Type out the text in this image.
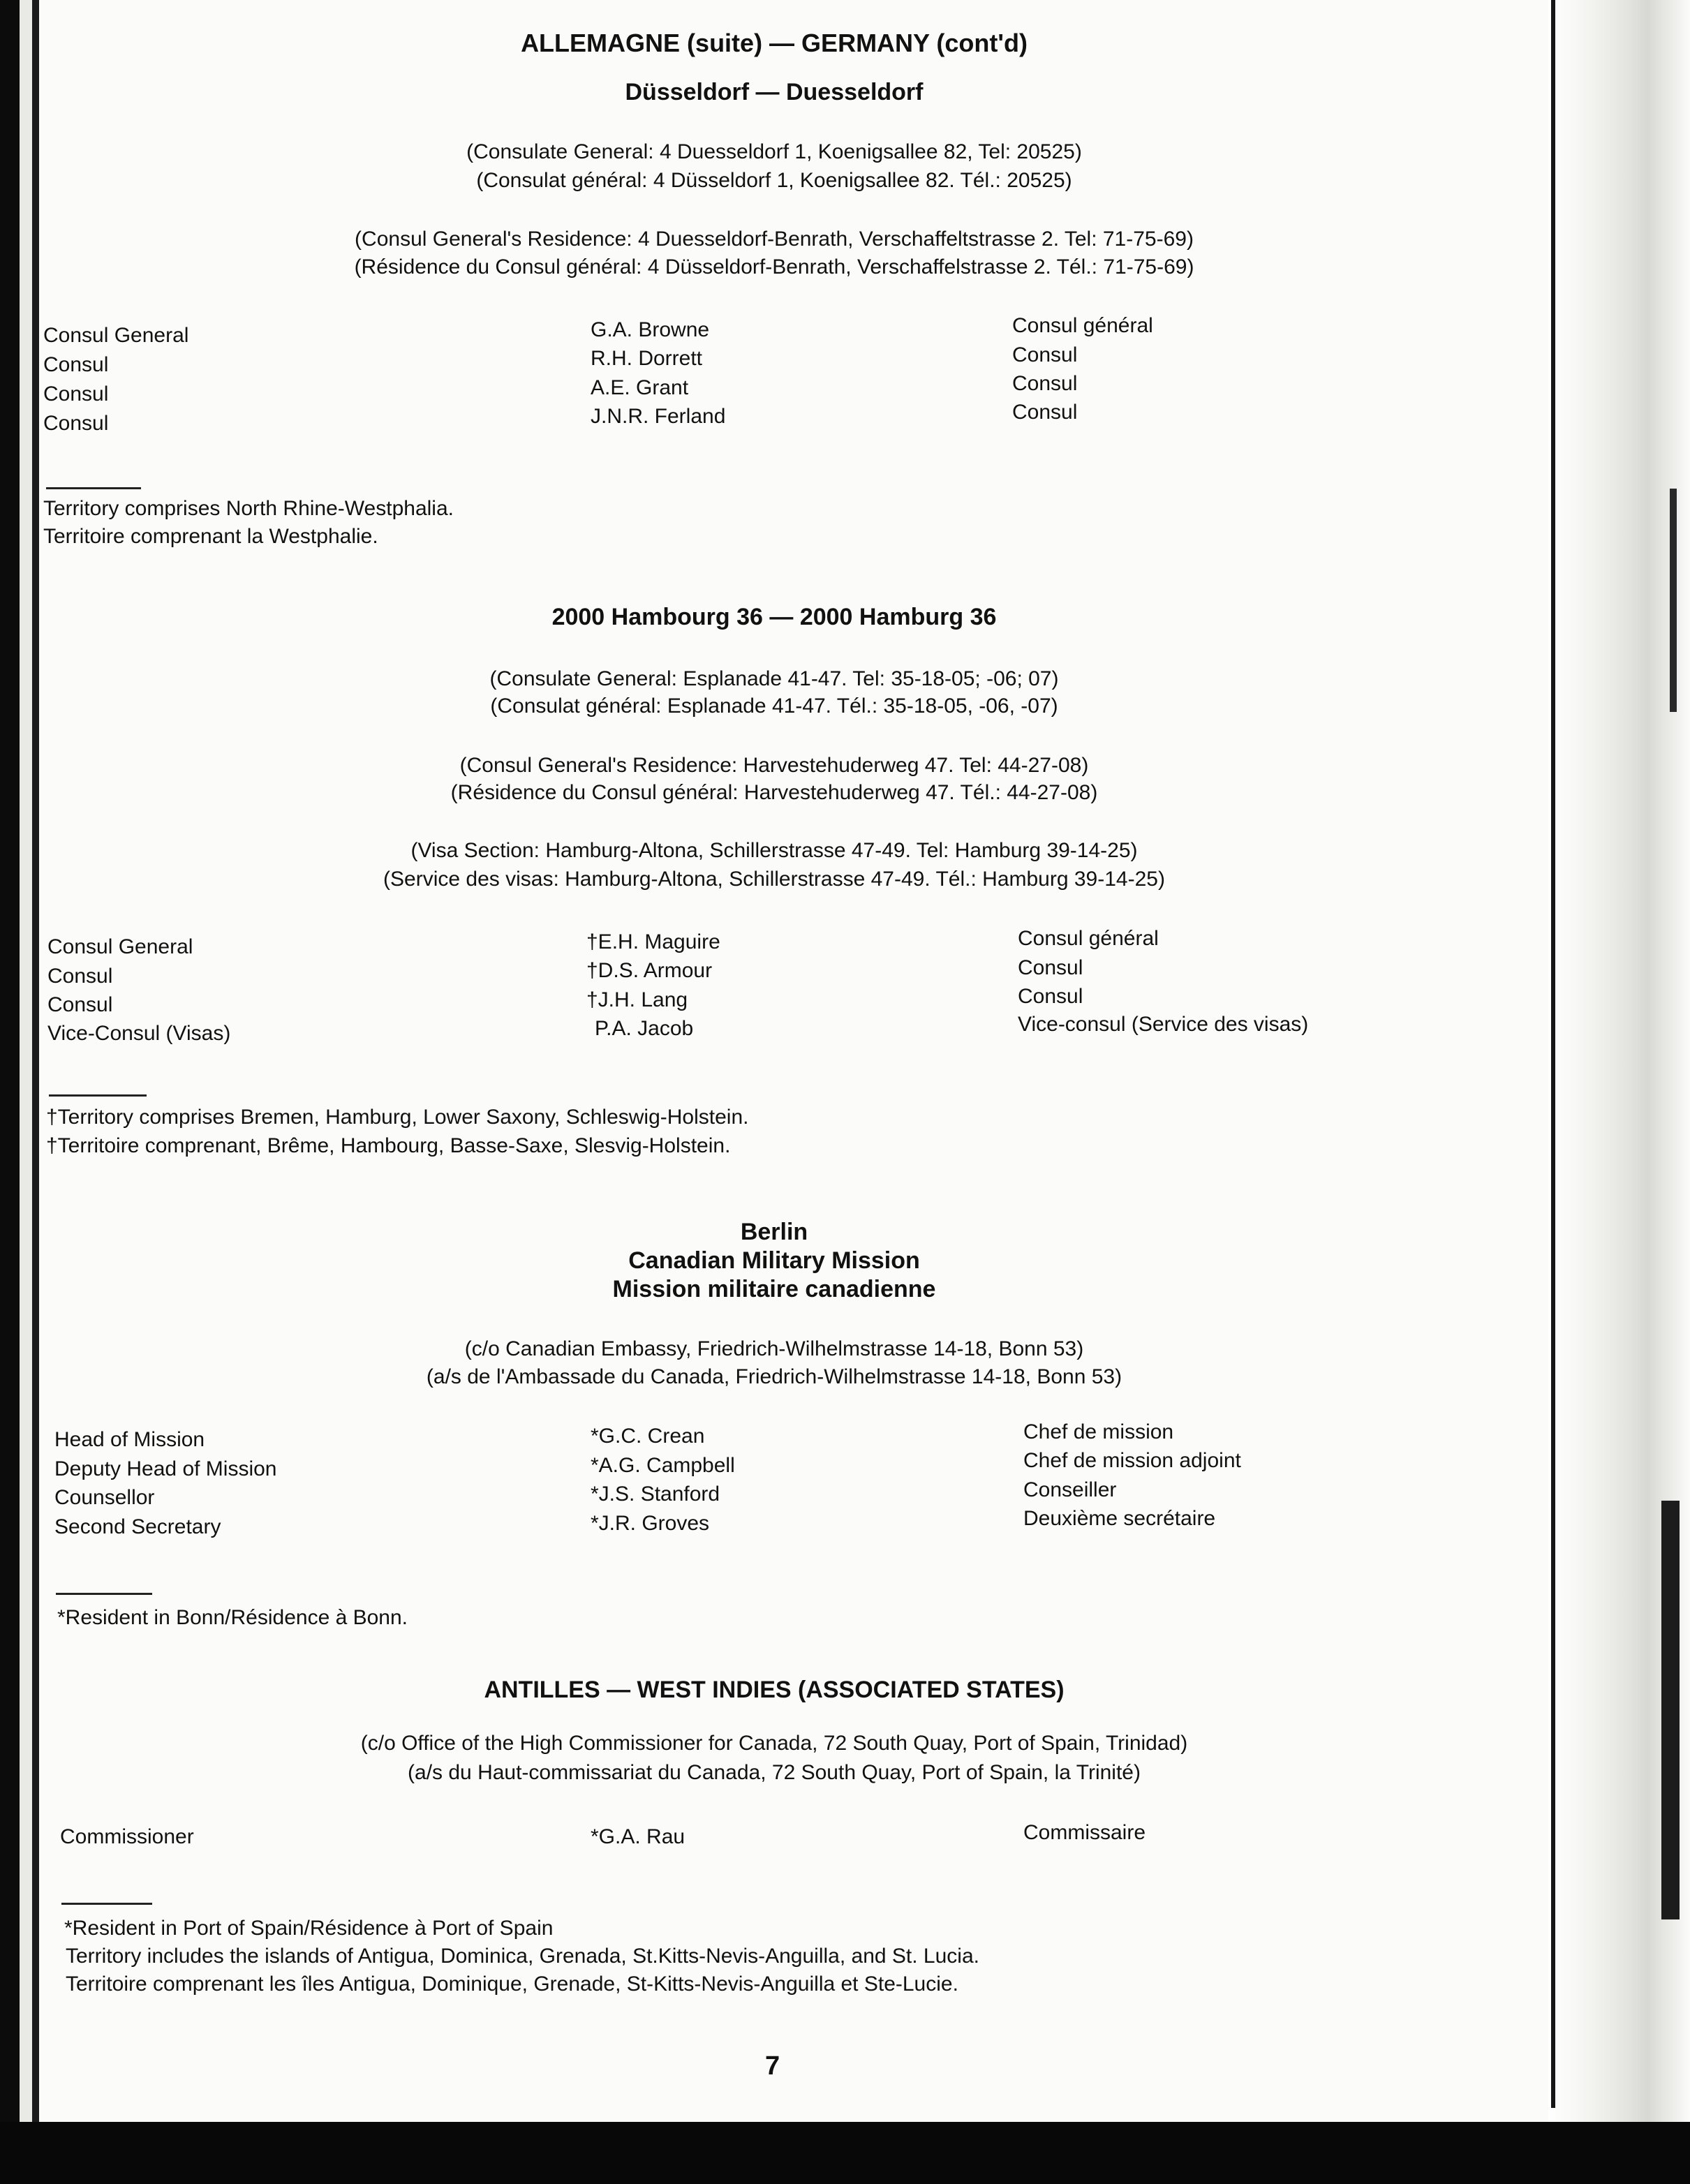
ALLEMAGNE (suite) — GERMANY (cont'd)
Düsseldorf — Duesseldorf
(Consulate General: 4 Duesseldorf 1, Koenigsallee 82, Tel: 20525)
(Consulat général: 4 Düsseldorf 1, Koenigsallee 82. Tél.: 20525)
(Consul General's Residence: 4 Duesseldorf-Benrath, Verschaffeltstrasse 2. Tel: 71-75-69)
(Résidence du Consul général: 4 Düsseldorf-Benrath, Verschaffelstrasse 2. Tél.: 71-75-69)
Consul General	G.A. Browne	Consul général
Consul	R.H. Dorrett	Consul
Consul	A.E. Grant	Consul
Consul	J.N.R. Ferland	Consul
Territory comprises North Rhine-Westphalia.
Territoire comprenant la Westphalie.
2000 Hambourg 36 — 2000 Hamburg 36
(Consulate General: Esplanade 41-47. Tel: 35-18-05; -06; 07)
(Consulat général: Esplanade 41-47. Tél.: 35-18-05, -06, -07)
(Consul General's Residence: Harvestehuderweg 47. Tel: 44-27-08)
(Résidence du Consul général: Harvestehuderweg 47. Tél.: 44-27-08)
(Visa Section: Hamburg-Altona, Schillerstrasse 47-49. Tel: Hamburg 39-14-25)
(Service des visas: Hamburg-Altona, Schillerstrasse 47-49. Tél.: Hamburg 39-14-25)
Consul General	†E.H. Maguire	Consul général
Consul	†D.S. Armour	Consul
Consul	†J.H. Lang	Consul
Vice-Consul (Visas)	P.A. Jacob	Vice-consul (Service des visas)
†Territory comprises Bremen, Hamburg, Lower Saxony, Schleswig-Holstein.
†Territoire comprenant, Brême, Hambourg, Basse-Saxe, Slesvig-Holstein.
Berlin
Canadian Military Mission
Mission militaire canadienne
(c/o Canadian Embassy, Friedrich-Wilhelmstrasse 14-18, Bonn 53)
(a/s de l'Ambassade du Canada, Friedrich-Wilhelmstrasse 14-18, Bonn 53)
Head of Mission	*G.C. Crean	Chef de mission
Deputy Head of Mission	*A.G. Campbell	Chef de mission adjoint
Counsellor	*J.S. Stanford	Conseiller
Second Secretary	*J.R. Groves	Deuxième secrétaire
*Resident in Bonn/Résidence à Bonn.
ANTILLES — WEST INDIES (ASSOCIATED STATES)
(c/o Office of the High Commissioner for Canada, 72 South Quay, Port of Spain, Trinidad)
(a/s du Haut-commissariat du Canada, 72 South Quay, Port of Spain, la Trinité)
Commissioner	*G.A. Rau	Commissaire
*Resident in Port of Spain/Résidence à Port of Spain
Territory includes the islands of Antigua, Dominica, Grenada, St.Kitts-Nevis-Anguilla, and St. Lucia.
Territoire comprenant les îles Antigua, Dominique, Grenade, St-Kitts-Nevis-Anguilla et Ste-Lucie.
7
